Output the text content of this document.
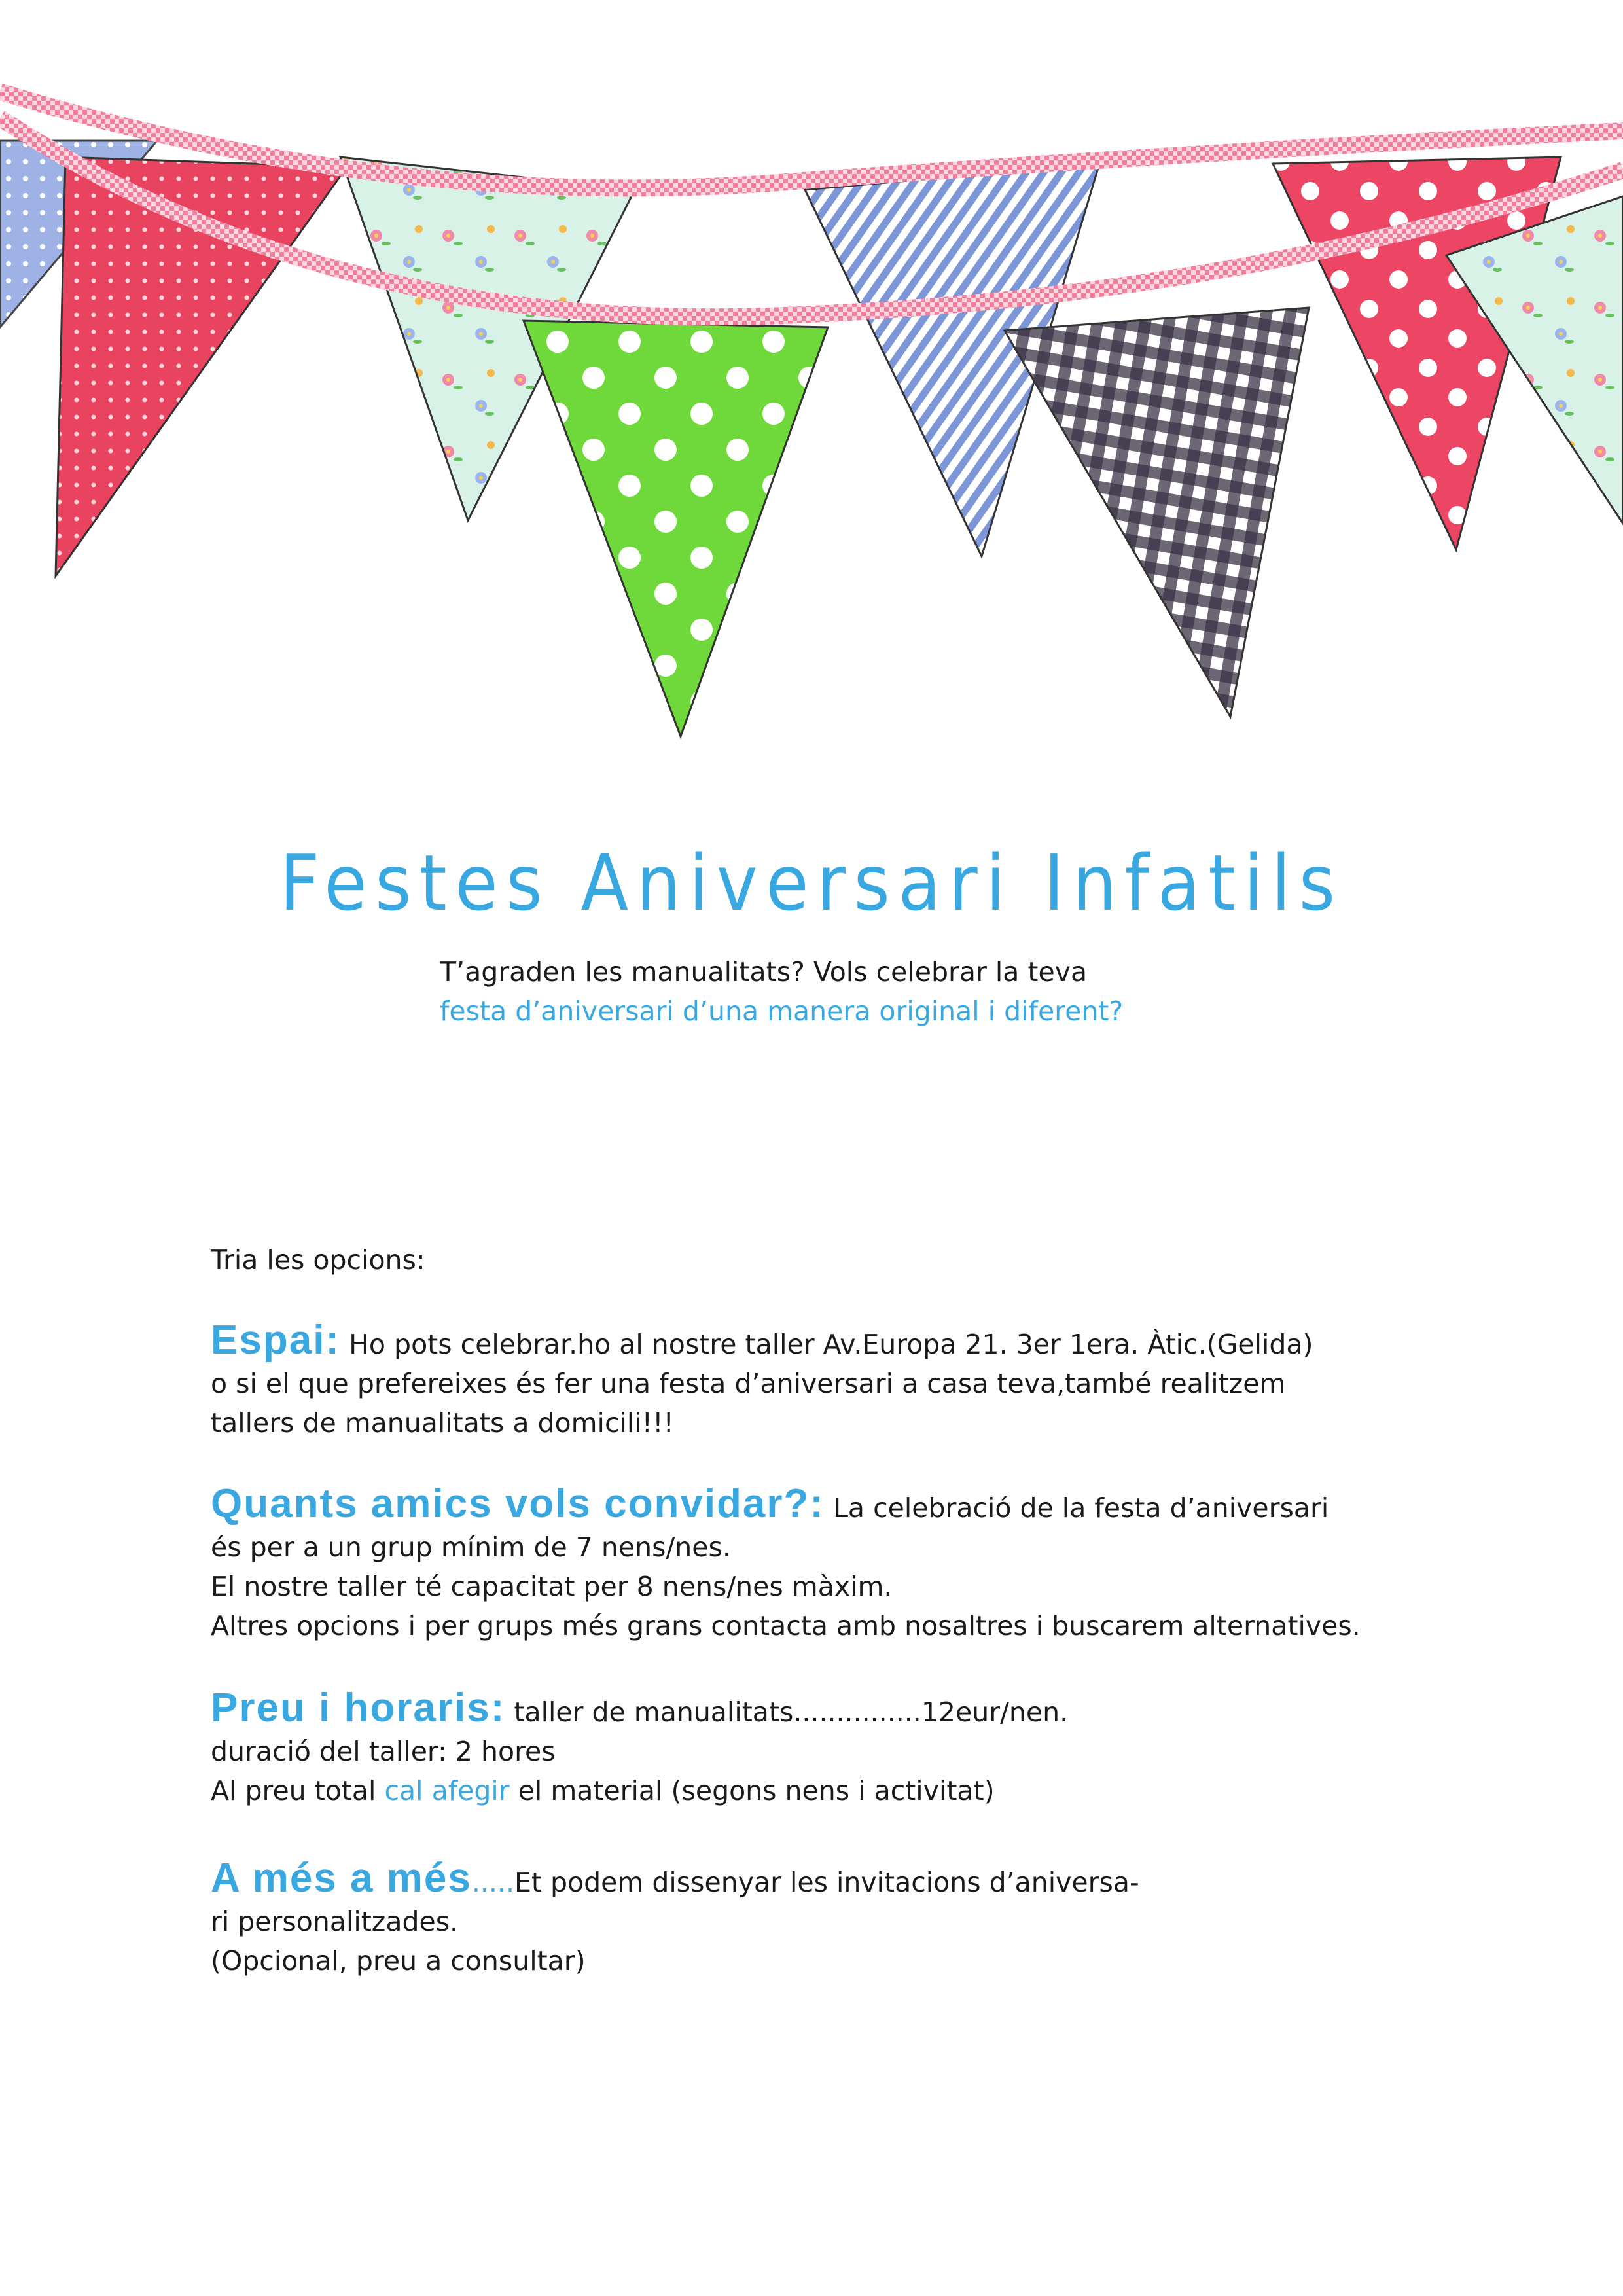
Festes Aniversari Infatils
T’agraden les manualitats? Vols celebrar la teva
festa d’aniversari d’una manera original i diferent?
Tria les opcions:
Espai: Ho pots celebrar.ho al nostre taller Av.Europa 21. 3er 1era. Àtic.(Gelida)
o si el que prefereixes és fer una festa d’aniversari a casa teva,també realitzem
tallers de manualitats a domicili!!!
Quants amics vols convidar?: La celebració de la festa d’aniversari
és per a un grup mínim de 7 nens/nes.
El nostre taller té capacitat per 8 nens/nes màxim.
Altres opcions i per grups més grans contacta amb nosaltres i buscarem alternatives.
Preu i horaris: taller de manualitats...............12eur/nen.
duració del taller: 2 hores
Al preu total cal afegir el material (segons nens i activitat)
A més a més.....Et podem dissenyar les invitacions d’aniversa-
ri personalitzades.
(Opcional, preu a consultar)
